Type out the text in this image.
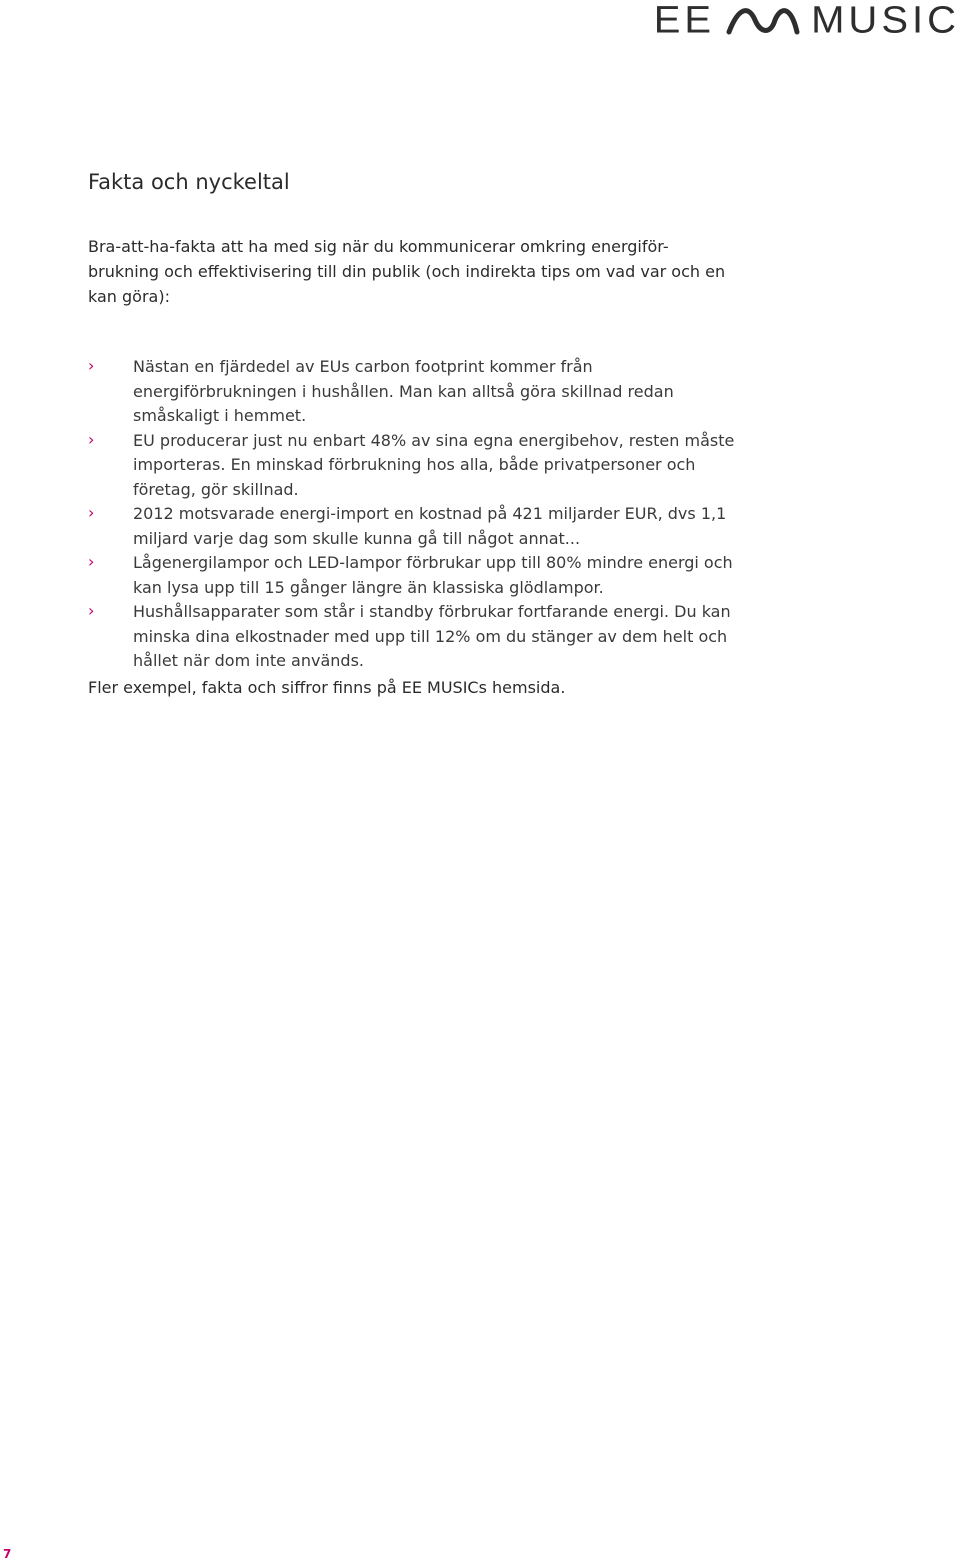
EE MUSIC
Fakta och nyckeltal

Bra-att-ha-fakta att ha med sig när du kommunicerar omkring energiför-brukning och effektivisering till din publik (och indirekta tips om vad var och en kan göra):

› Nästan en fjärdedel av EUs carbon footprint kommer från energiförbrukningen i hushållen. Man kan alltså göra skillnad redan småskaligt i hemmet.
› EU producerar just nu enbart 48% av sina egna energibehov, resten måste importeras. En minskad förbrukning hos alla, både privatpersoner och företag, gör skillnad.
› 2012 motsvarade energi-import en kostnad på 421 miljarder EUR, dvs 1,1 miljard varje dag som skulle kunna gå till något annat...
› Lågenergilampor och LED-lampor förbrukar upp till 80% mindre energi och kan lysa upp till 15 gånger längre än klassiska glödlampor.
› Hushållsapparater som står i standby förbrukar fortfarande energi. Du kan minska dina elkostnader med upp till 12% om du stänger av dem helt och hållet när dom inte används.

Fler exempel, fakta och siffror finns på EE MUSICs hemsida.

7
